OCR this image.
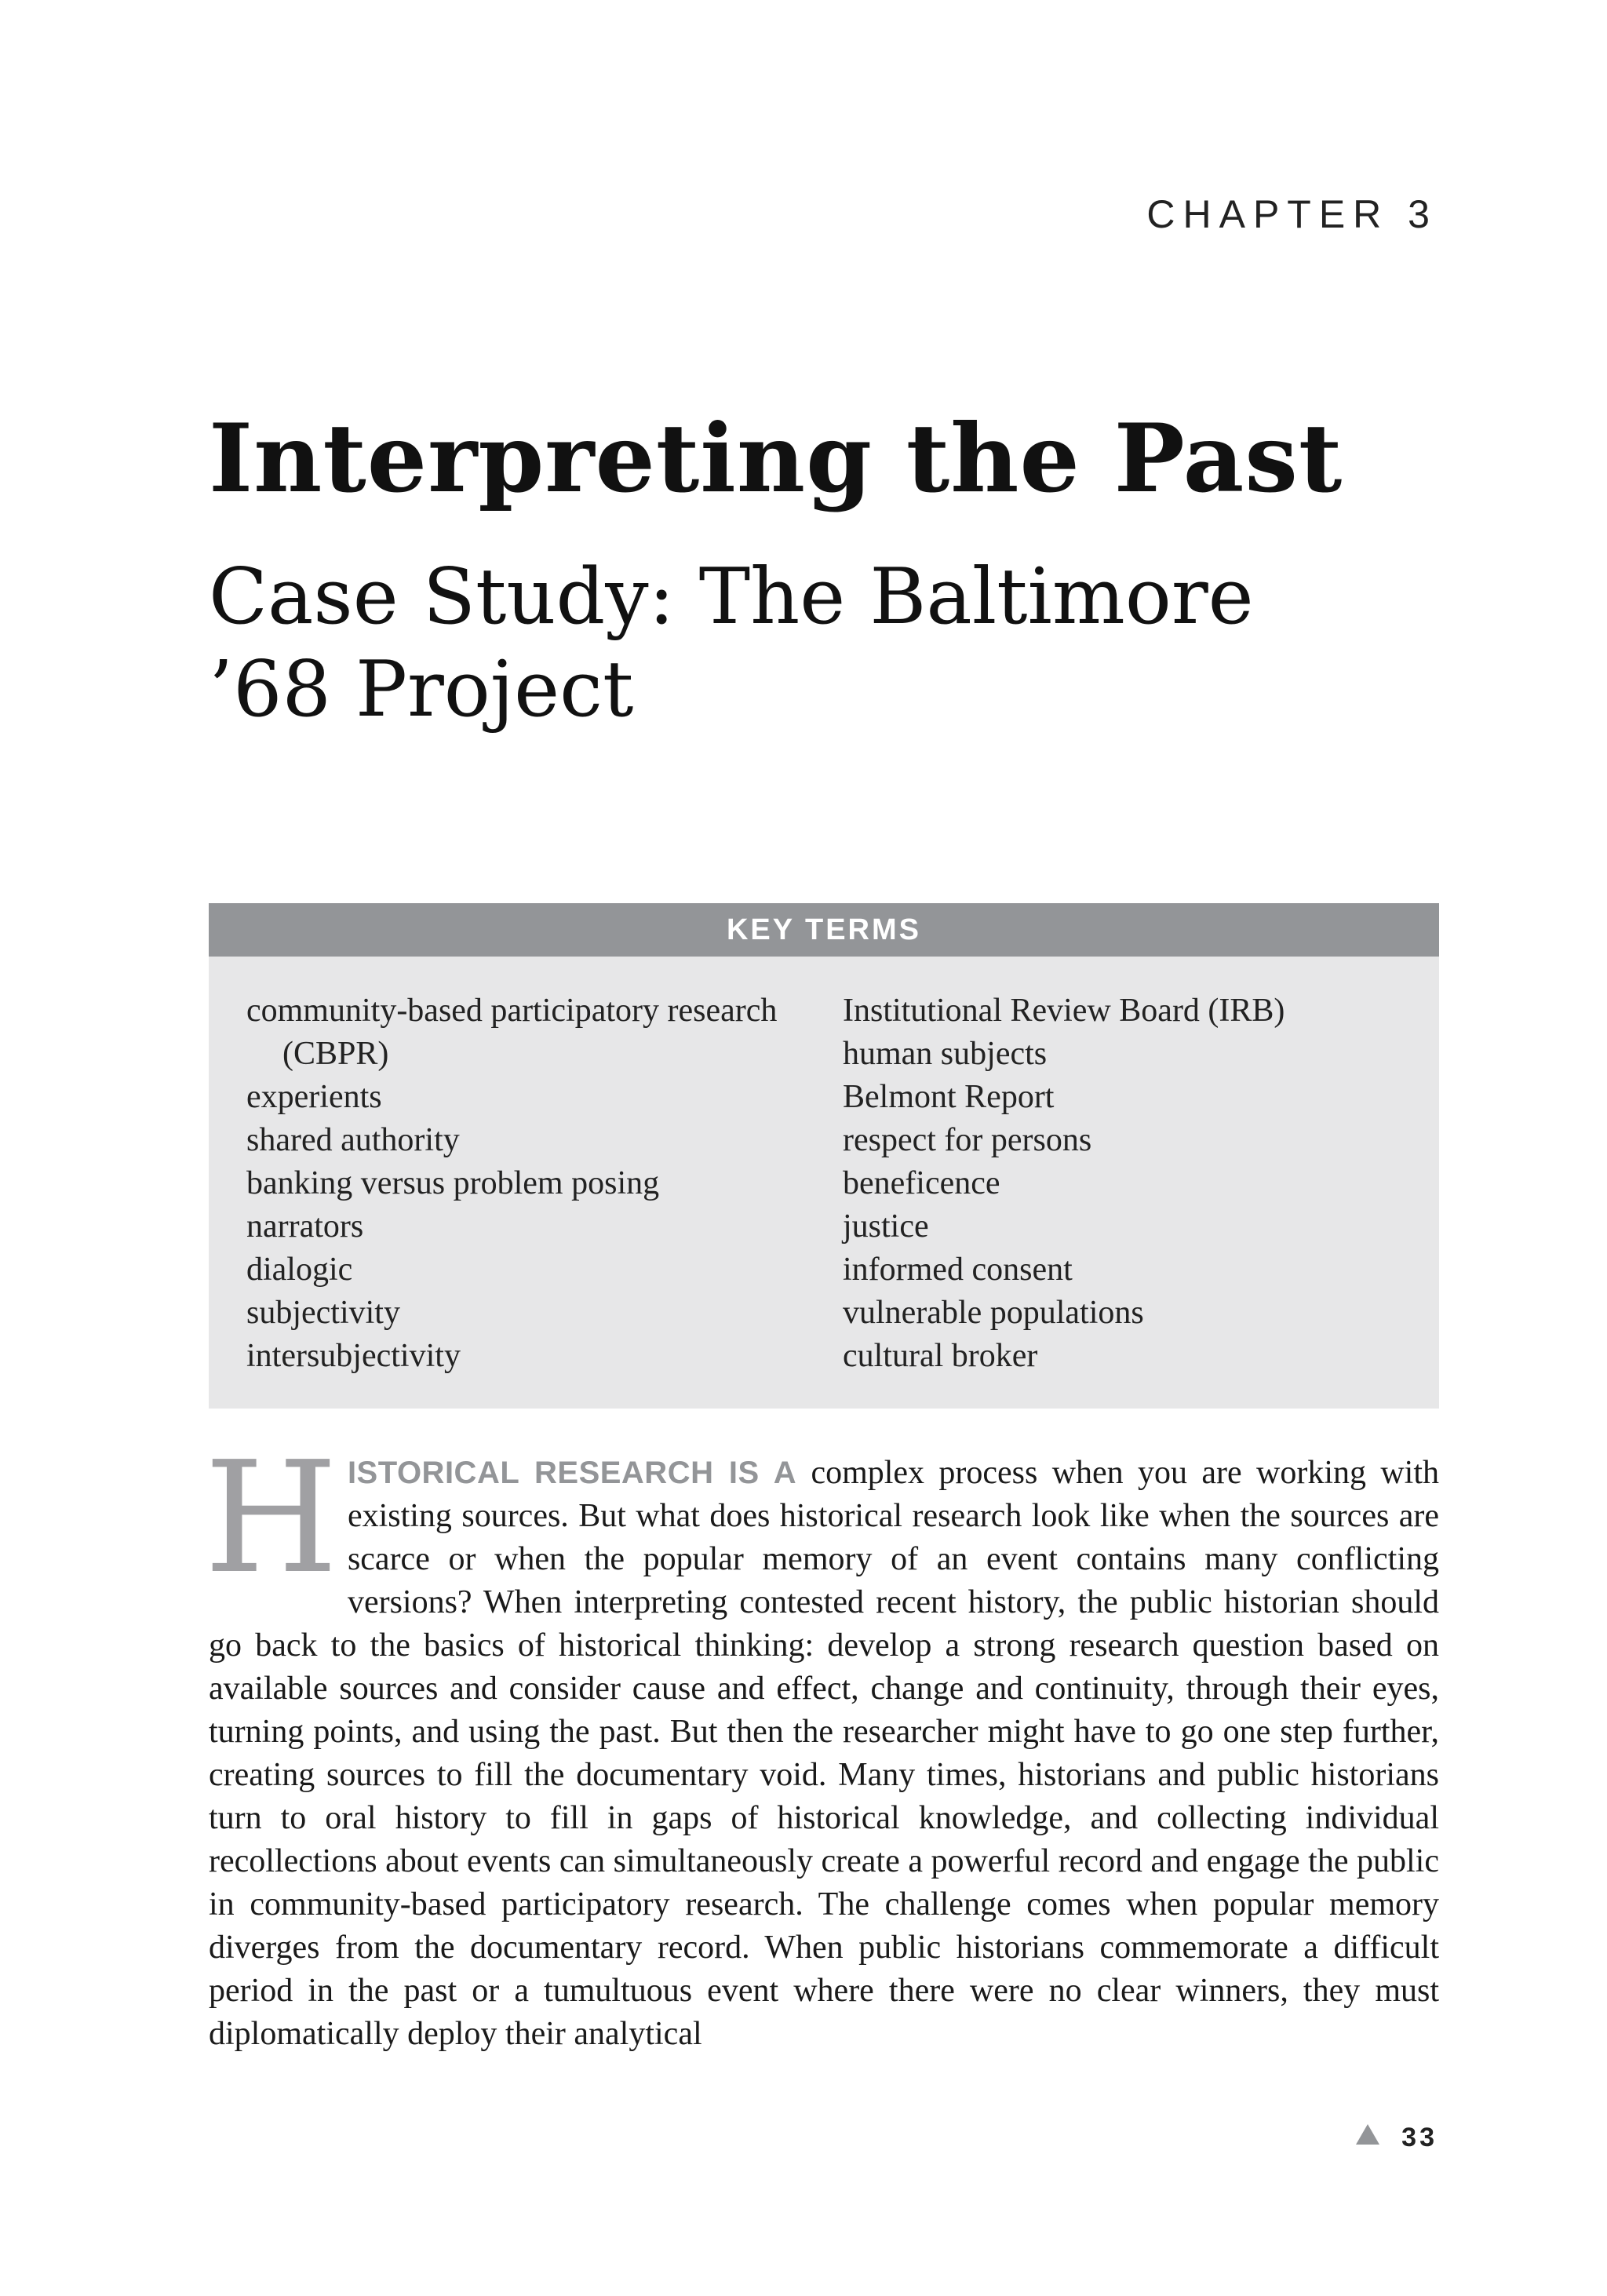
CHAPTER 3
Interpreting the Past
Case Study: The Baltimore
’68 Project
KEY TERMS
community-based participatory research
(CBPR)
experients
shared authority
banking versus problem posing
narrators
dialogic
subjectivity
intersubjectivity
Institutional Review Board (IRB)
human subjects
Belmont Report
respect for persons
beneficence
justice
informed consent
vulnerable populations
cultural broker

HISTORICAL RESEARCH IS A complex process when you are working with existing sources. But what does historical research look like when the sources are scarce or when the popular memory of an event contains many conflicting versions? When interpreting contested recent history, the public historian should go back to the basics of historical thinking: develop a strong research question based on available sources and consider cause and effect, change and continuity, through their eyes, turning points, and using the past. But then the researcher might have to go one step further, creating sources to fill the documentary void. Many times, historians and public historians turn to oral history to fill in gaps of historical knowledge, and collecting individual recollections about events can simultaneously create a powerful record and engage the public in community-based participatory research. The challenge comes when popular memory diverges from the documentary record. When public historians commemorate a difficult period in the past or a tumultuous event where there were no clear winners, they must diplomatically deploy their analytical

33
